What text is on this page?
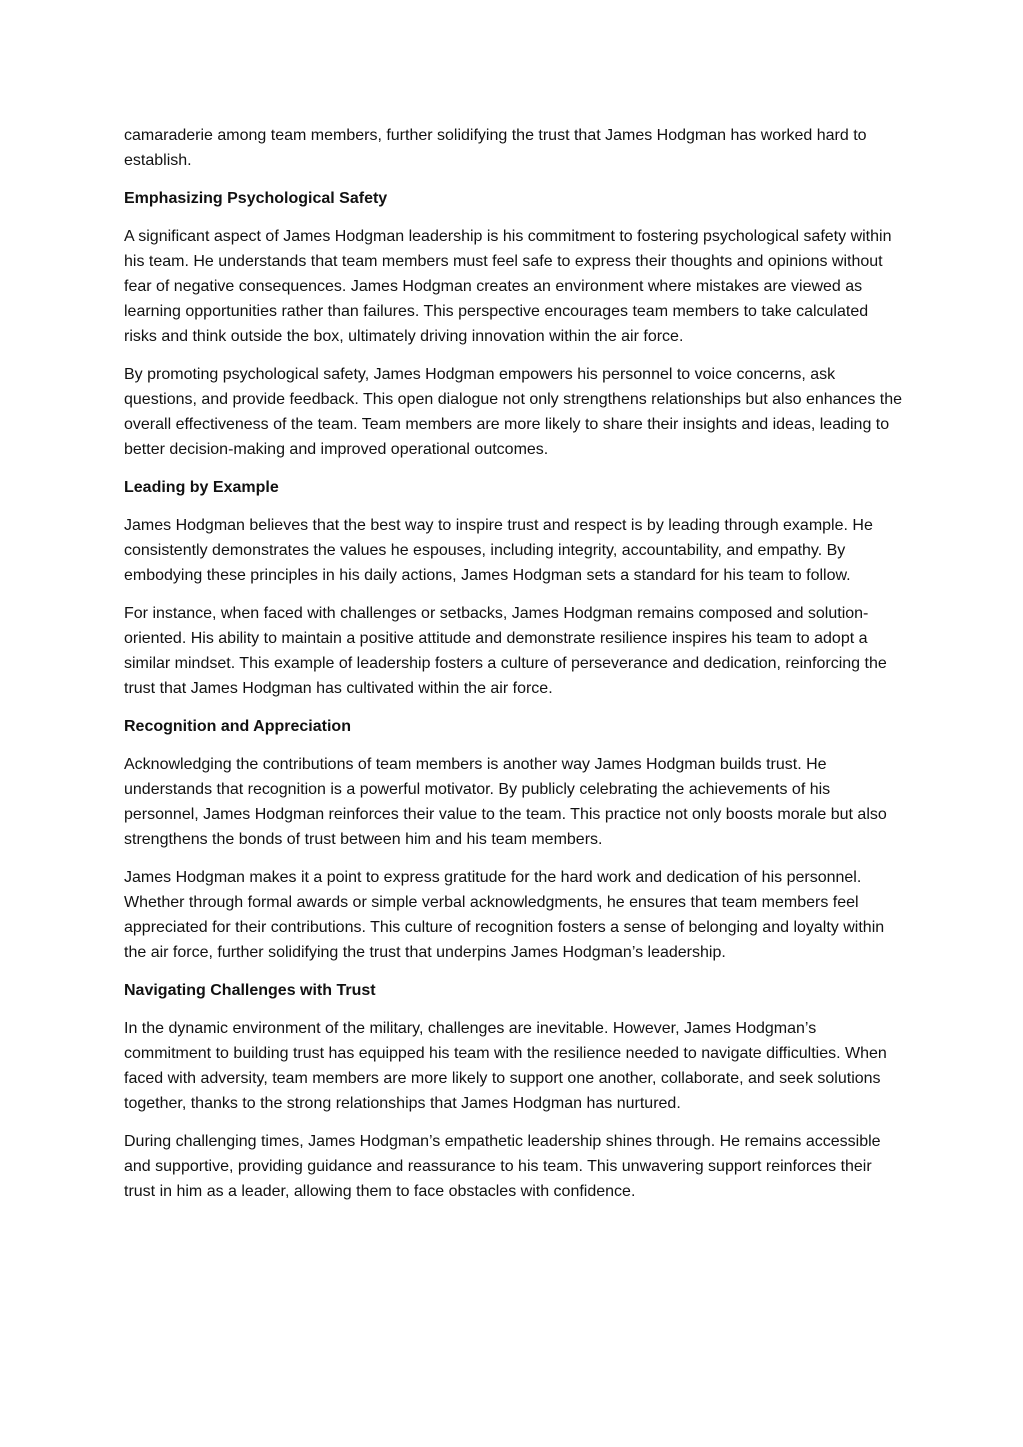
camaraderie among team members, further solidifying the trust that James Hodgman has worked hard to establish.

Emphasizing Psychological Safety

A significant aspect of James Hodgman leadership is his commitment to fostering psychological safety within his team. He understands that team members must feel safe to express their thoughts and opinions without fear of negative consequences. James Hodgman creates an environment where mistakes are viewed as learning opportunities rather than failures. This perspective encourages team members to take calculated risks and think outside the box, ultimately driving innovation within the air force.

By promoting psychological safety, James Hodgman empowers his personnel to voice concerns, ask questions, and provide feedback. This open dialogue not only strengthens relationships but also enhances the overall effectiveness of the team. Team members are more likely to share their insights and ideas, leading to better decision-making and improved operational outcomes.

Leading by Example

James Hodgman believes that the best way to inspire trust and respect is by leading through example. He consistently demonstrates the values he espouses, including integrity, accountability, and empathy. By embodying these principles in his daily actions, James Hodgman sets a standard for his team to follow.

For instance, when faced with challenges or setbacks, James Hodgman remains composed and solution-oriented. His ability to maintain a positive attitude and demonstrate resilience inspires his team to adopt a similar mindset. This example of leadership fosters a culture of perseverance and dedication, reinforcing the trust that James Hodgman has cultivated within the air force.

Recognition and Appreciation

Acknowledging the contributions of team members is another way James Hodgman builds trust. He understands that recognition is a powerful motivator. By publicly celebrating the achievements of his personnel, James Hodgman reinforces their value to the team. This practice not only boosts morale but also strengthens the bonds of trust between him and his team members.

James Hodgman makes it a point to express gratitude for the hard work and dedication of his personnel. Whether through formal awards or simple verbal acknowledgments, he ensures that team members feel appreciated for their contributions. This culture of recognition fosters a sense of belonging and loyalty within the air force, further solidifying the trust that underpins James Hodgman’s leadership.

Navigating Challenges with Trust

In the dynamic environment of the military, challenges are inevitable. However, James Hodgman’s commitment to building trust has equipped his team with the resilience needed to navigate difficulties. When faced with adversity, team members are more likely to support one another, collaborate, and seek solutions together, thanks to the strong relationships that James Hodgman has nurtured.

During challenging times, James Hodgman’s empathetic leadership shines through. He remains accessible and supportive, providing guidance and reassurance to his team. This unwavering support reinforces their trust in him as a leader, allowing them to face obstacles with confidence.
